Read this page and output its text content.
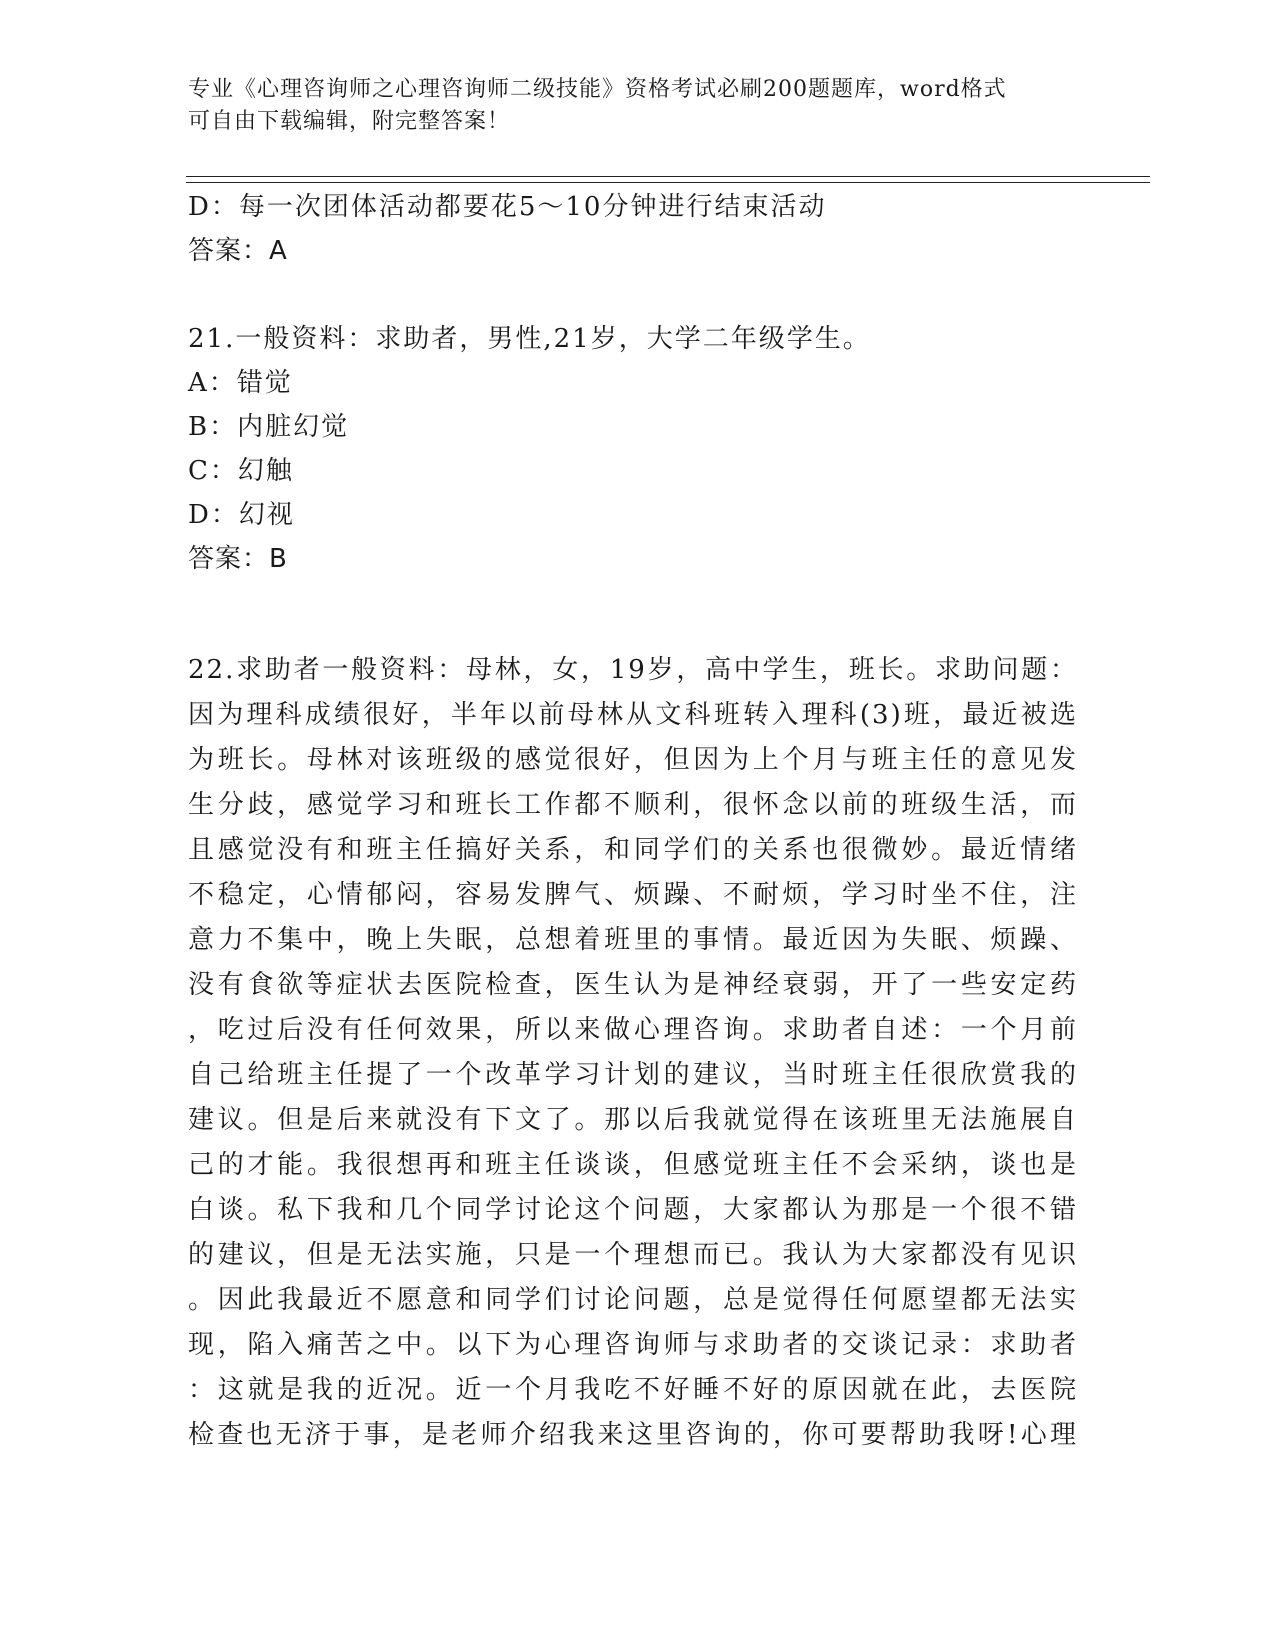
专业《心理咨询师之心理咨询师二级技能》资格考试必刷200题题库，word格式
可自由下载编辑，附完整答案！
D：每一次团体活动都要花5～10分钟进行结束活动
答案：A
21.一般资料：求助者，男性,21岁，大学二年级学生。
A：错觉
B：内脏幻觉
C：幻触
D：幻视
答案：B
22.求助者一般资料：母林，女，19岁，高中学生，班长。求助问题：
因为理科成绩很好，半年以前母林从文科班转入理科(3)班，最近被选
为班长。母林对该班级的感觉很好，但因为上个月与班主任的意见发
生分歧，感觉学习和班长工作都不顺利，很怀念以前的班级生活，而
且感觉没有和班主任搞好关系，和同学们的关系也很微妙。最近情绪
不稳定，心情郁闷，容易发脾气、烦躁、不耐烦，学习时坐不住，注
意力不集中，晚上失眠，总想着班里的事情。最近因为失眠、烦躁、
没有食欲等症状去医院检查，医生认为是神经衰弱，开了一些安定药
，吃过后没有任何效果，所以来做心理咨询。求助者自述：一个月前
自己给班主任提了一个改革学习计划的建议，当时班主任很欣赏我的
建议。但是后来就没有下文了。那以后我就觉得在该班里无法施展自
己的才能。我很想再和班主任谈谈，但感觉班主任不会采纳，谈也是
白谈。私下我和几个同学讨论这个问题，大家都认为那是一个很不错
的建议，但是无法实施，只是一个理想而已。我认为大家都没有见识
。因此我最近不愿意和同学们讨论问题，总是觉得任何愿望都无法实
现，陷入痛苦之中。以下为心理咨询师与求助者的交谈记录：求助者
：这就是我的近况。近一个月我吃不好睡不好的原因就在此，去医院
检查也无济于事，是老师介绍我来这里咨询的，你可要帮助我呀!心理
